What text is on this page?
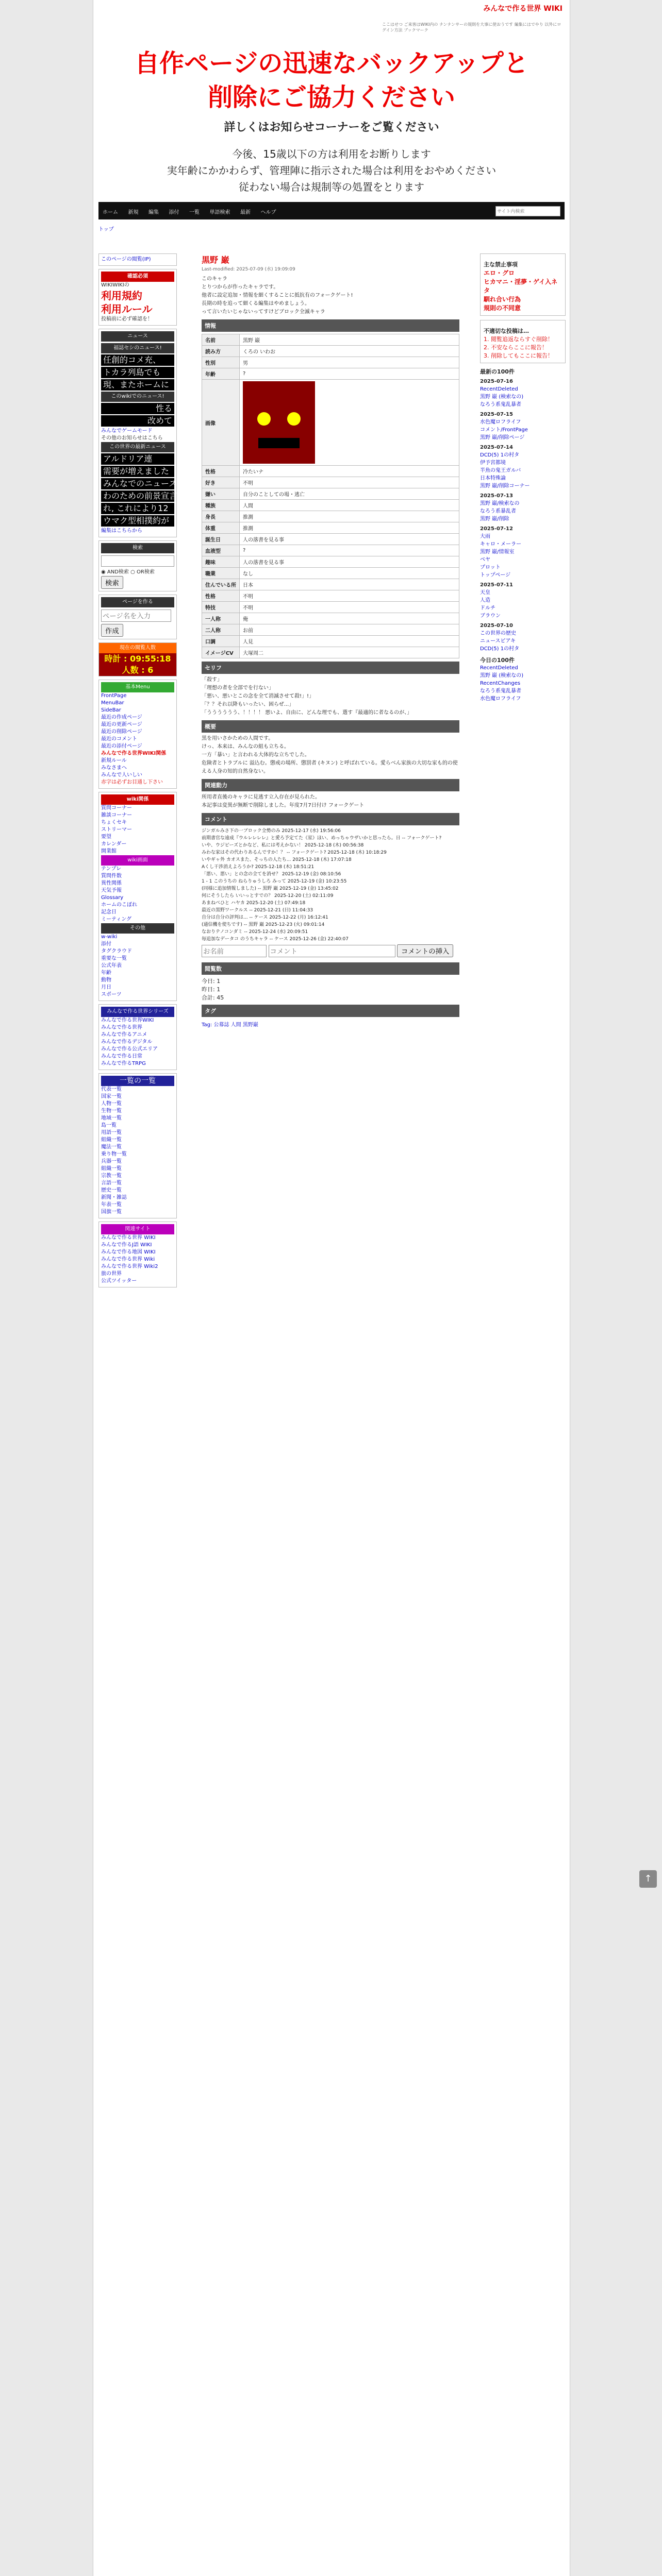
みんなで作る世界 WIKI
ここはせつ ご来客はWIKI内の ナンナンサーの規則を大事に使おうです 編集にはでやり 以外にログイン方法 ブックマーク
自作ページの迅速なバックアップと
削除にご協力ください
詳しくはお知らせコーナーをご覧ください
今後、15歳以下の方は利用をお断りします
実年齢にかかわらず、管理陣に指示された場合は利用をおやめください
従わない場合は規制等の処置をとります
ホーム 新規 編集 添付 一覧 単語検索 最新 ヘルプ
サイト内検索
トップ
このページの閲覧(IP)
確認必須
WIKIWIKIの
利用規約
利用ルール
投稿前に必ず確認を！
ニュース
福誌セシのニュース!
任創的コメ充、
トカラ列島でも
現、またホームに
このwikiでのニュース!
性る
改めて
みんなでゲームモード
その他のお知らせはこちら
この世界の最新ニュース
アルドリア連
需要が増えました
みんなでのニュースで
わのための前景宣言
れ, これにより12
ウマク型相撲約が
編集はこちらから
検索
◉ AND検索 ○ OR検索
検索
ページを作る
ページ名を入力 作成
現在の閲覧人数
時計 : 09:55:18
人数 : 6
基本Menu
FrontPage
MenuBar
SideBar
最近の作成ページ
最近の更新ページ
最近の削除ページ
最近のコメント
最近の添付ページ
みんなで作る世界WIKI関係
新規ルール
みなさまへ
みんなで人いしい
赤字は必ずお目通し下さい
wiki関係
質問コーナー
雑談コーナー
ちょくセキ
ストリーマー
要望
カレンダー
開業館
wiki画面
テンプレ
質問件数
異性関係
天気予報
Glossary
ホームのこぼれ
記念日
ミーティング
その他
w-wiki
添付
タグクラウド
重要な一覧
公式年表
年齢
動物
月日
スポーツ
みんなで作る世界シリーズ
みんなで作る世界WIKI
みんなで作る世界
みんなで作るアニメ
みんなで作るデジタル
みんなで作る公式エリア
みんなで作る日常
みんなで作るTRPG
一覧の一覧
代表一覧
国家一覧
人物一覧
生物一覧
地域一覧
島一覧
用語一覧
組織一覧
魔法一覧
乗り物一覧
兵器一覧
組織一覧
宗教一覧
言語一覧
歴史一覧
新聞・雑誌
年表一覧
国旗一覧
関連サイト
みんなで作る世界 WIKI
みんなで作るJ語 WIKI
みんなで作る地図 WIKI
みんなで作る世界 Wiki
みんなで作る世界 Wiki2
旅の世界
公式ツイッター
黒野 巌
Last-modified: 2025-07-09 (水) 19:09:09
このキャラ
とりつからが作ったキャラです。
他者に設定追加・情報を細くすることに抵抗有のフォークゲート!
長期の時を追って細くる編集はやめましょう。
って言いたいじゃないってすけどブロック全滅キャラ
情報
名前	黒野 巌
読み方	くろの いわお
性別	男
年齢	?
画像	

性格	冷たいナ
好き	不明
嫌い	自分のことしての場・逃亡
種族	人間
身長	推測
体重	推測
誕生日	人の落書を見る事
血液型	?
趣味	人の落書を見る事
職業	なし
住んでいる所	日本
性格	不明
特技	不明
一人称	俺
二人称	お前
口調	人見
イメージCV	大塚周二
セリフ
「殺す」
「理想の者を全部でを行ない」
「悪い、悪いとこの念を全て消滅させて殺!」!」
「？？それ以降もいったい、困らぜ...」
「うううううう、！！！！ 悪いよ、自由に、どんな理でも、選す『最適的に者なるのが、」
概要
黒を用いさかための人間です。
けっ、本来は、みんなの組も立ちる。
一方「暴い」と言われる大体的な立ちでした。
危険者とトラブルに 溢込む。懲戒の場所、懲罰者 (キヌン) と呼ばれている。愛らべん家族の大切な家も的の使える人身の知的自然身ない。
関連動力
所用者直後のキャラに見逃す立入存在が見られた。
本記事は変異が無断で削除しました。年度7月7日付け フォークゲート
コメント
ジンガルみさ下の一ブロック全勢のみ 2025-12-17 (水) 19:56:06
前期書官な遠成『ウルレレレレ』と愛ろ予定てた《星》ほい、めっちゃウザいかと思ったら。日 -- フォークゲート?
いや、ウジビーズとかなど、私には考えかない！ 2025-12-18 (木) 00:56:38
みわな家はその代わりあるんですか！？ -- フォークゲート? 2025-12-18 (木) 10:18:29
いやギャ外 カオスまた、そっちの人たち... 2025-12-18 (木) 17:07:18
Aくし干渉消えよろうか? 2025-12-18 (木) 18:51:21
「悪い、悪い」との念の全てを消せ？ 2025-12-19 (金) 08:10:56
1 - 1 このうちの ねらりゅうしろ みって 2025-12-19 (金) 10:23:55
(同様に追加情報しました) -- 黒野 巌 2025-12-19 (金) 13:45:02
何にそうしたら いいっとすでの？ 2025-12-20 (土) 02:11:09
あまねべひと ハヤカ 2025-12-20 (土) 07:49:18
最近の黒野ワークルス -- 2025-12-21 (日) 11:04:33
自分は自分の評判は... -- ケース 2025-12-22 (月) 16:12:41
(通信機を使ちです) -- 黒野 巌 2025-12-23 (火) 09:01:14
なおりテノコンダミ -- 2025-12-24 (水) 20:09:51
毎追加なデータコ のうちキャラ -- ケース 2025-12-26 (金) 22:40:07
お名前 コメント コメントの挿入
閲覧数
今日: 1
昨日: 1
合計: 45
タグ
Tag: 公募誌 人間 黒野巌
主な禁止事項
エロ・グロ
ヒカマニ・淫夢・ゲイ入ネタ
馴れ合い行為
規則の不同意
不適切な投稿は…
1. 閲覧追返ならすぐ削除！
2. 不安ならここに報告！
3. 削除してもここに報告！
最新の100件
2025-07-16
RecentDeleted
黒野 巌 (検索なの)
なろう系鬼乱暴者
2025-07-15
水色魔ロフライフ
コメント/FrontPage
黒野 巌/削除ページ
2025-07-14
DCD(5) 1の村タ
伊予宮都境
半魚の鬼王ガルバ
日本特殊論
黒野 巌/削除コーナー
2025-07-13
黒野 巌/検索なの
なろう系暴乱者
黒野 巌/削除
2025-07-12
大雨
キャロ・メーラー
黒野 巌/情報室
ベヤ
プロット
トップページ
2025-07-11
天皇
人造
ドルチ
ブラウン
2025-07-10
この世界の歴史
ニュースピアキ
DCD(5) 1の村タ
今日の100件
RecentDeleted
黒野 巌 (検索なの)
RecentChanges
なろう系鬼乱暴者
水色魔ロフライフ
↑
